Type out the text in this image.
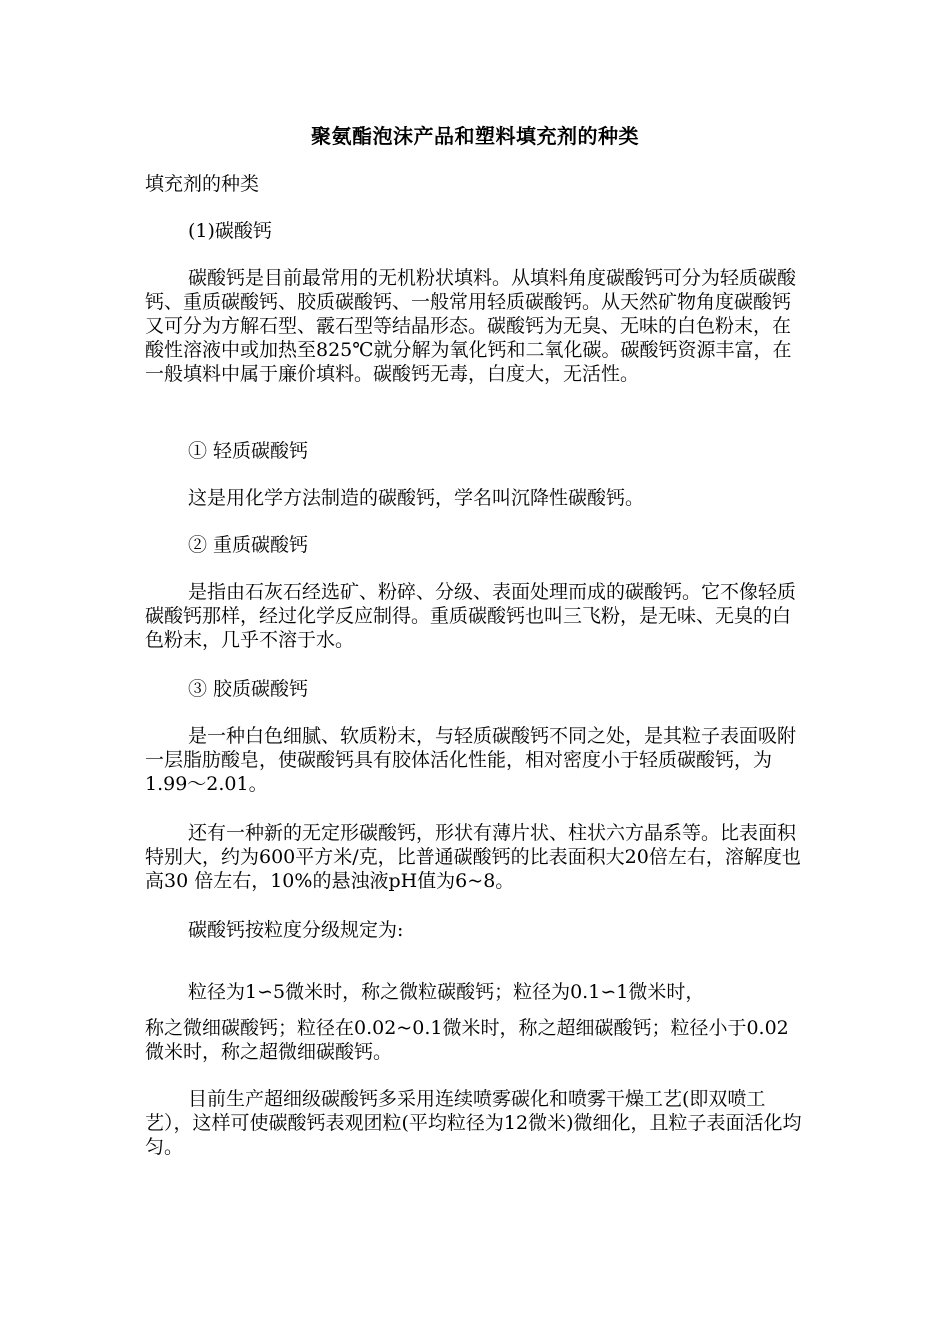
聚氨酯泡沫产品和塑料填充剂的种类
填充剂的种类
(1)碳酸钙
碳酸钙是目前最常用的无机粉状填料。从填料角度碳酸钙可分为轻质碳酸钙、重质碳酸钙、胶质碳酸钙、一般常用轻质碳酸钙。从天然矿物角度碳酸钙又可分为方解石型、霰石型等结晶形态。碳酸钙为无臭、无味的白色粉末，在酸性溶液中或加热至825℃就分解为氧化钙和二氧化碳。碳酸钙资源丰富，在一般填料中属于廉价填料。碳酸钙无毒，白度大，无活性。
① 轻质碳酸钙
这是用化学方法制造的碳酸钙，学名叫沉降性碳酸钙。
② 重质碳酸钙
是指由石灰石经选矿、粉碎、分级、表面处理而成的碳酸钙。它不像轻质碳酸钙那样，经过化学反应制得。重质碳酸钙也叫三飞粉，是无味、无臭的白色粉末，几乎不溶于水。
③ 胶质碳酸钙
是一种白色细腻、软质粉末，与轻质碳酸钙不同之处，是其粒子表面吸附一层脂肪酸皂，使碳酸钙具有胶体活化性能，相对密度小于轻质碳酸钙，为 1.99～2.01。
还有一种新的无定形碳酸钙，形状有薄片状、柱状六方晶系等。比表面积特别大，约为600平方米/克，比普通碳酸钙的比表面积大20倍左右，溶解度也高30 倍左右，10%的悬浊液pH值为6~8。
碳酸钙按粒度分级规定为:
粒径为1∽5微米时，称之微粒碳酸钙；粒径为0.1∽1微米时，
称之微细碳酸钙；粒径在0.02~0.1微米时，称之超细碳酸钙；粒径小于0.02微米时，称之超微细碳酸钙。
目前生产超细级碳酸钙多采用连续喷雾碳化和喷雾干燥工艺(即双喷工艺），这样可使碳酸钙表观团粒(平均粒径为12微米)微细化，且粒子表面活化均匀。
